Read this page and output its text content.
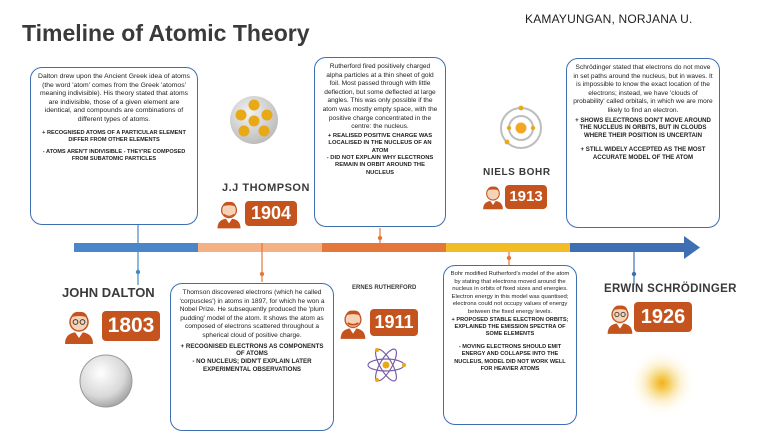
Timeline of Atomic Theory
KAMAYUNGAN, NORJANA U.

Dalton drew upon the Ancient Greek idea of atoms (the word 'atom' comes from the Greek 'atomos' meaning indivisible). His theory stated that atoms are indivisible, those of a given element are identical, and compounds are combinations of different types of atoms.

+ RECOGNISED ATOMS OF A PARTICULAR ELEMENT DIFFER FROM OTHER ELEMENTS

- ATOMS AREN'T INDIVISIBLE - THEY'RE COMPOSED FROM SUBATOMIC PARTICLES

Thomson discovered electrons (which he called 'corpuscles') in atoms in 1897, for which he won a Nobel Prize. He subsequently produced the 'plum pudding' model of the atom. It shows the atom as composed of electrons scattered throughout a spherical cloud of positive charge.

+ RECOGNISED ELECTRONS AS COMPONENTS OF ATOMS

- NO NUCLEUS; DIDN'T EXPLAIN LATER EXPERIMENTAL OBSERVATIONS

Rutherford fired positively charged alpha particles at a thin sheet of gold foil. Most passed through with little deflection, but some deflected at large angles. This was only possible if the atom was mostly empty space, with the positive charge concentrated in the centre: the nucleus.

+ REALISED POSITIVE CHARGE WAS LOCALISED IN THE NUCLEUS OF AN ATOM

- DID NOT EXPLAIN WHY ELECTRONS REMAIN IN ORBIT AROUND THE NUCLEUS

Bohr modified Rutherford's model of the atom by stating that electrons moved around the nucleus in orbits of fixed sizes and energies. Electron energy in this model was quantised; electrons could not occupy values of energy between the fixed energy levels.

+ PROPOSED STABLE ELECTRON ORBITS; EXPLAINED THE EMISSION SPECTRA OF SOME ELEMENTS

- MOVING ELECTRONS SHOULD EMIT ENERGY AND COLLAPSE INTO THE NUCLEUS, MODEL DID NOT WORK WELL FOR HEAVIER ATOMS

Schrödinger stated that electrons do not move in set paths around the nucleus, but in waves. It is impossible to know the exact location of the electrons; instead, we have 'clouds of probability' called orbitals, in which we are more likely to find an electron.

+ SHOWS ELECTRONS DON'T MOVE AROUND THE NUCLEUS IN ORBITS, BUT IN CLOUDS WHERE THEIR POSITION IS UNCERTAIN

+ STILL WIDELY ACCEPTED AS THE MOST ACCURATE MODEL OF THE ATOM

JOHN DALTON
J.J THOMPSON
ERNES RUTHERFORD
NIELS BOHR
ERWIN SCHRÖDINGER
1803
1904
1911
1913
1926
